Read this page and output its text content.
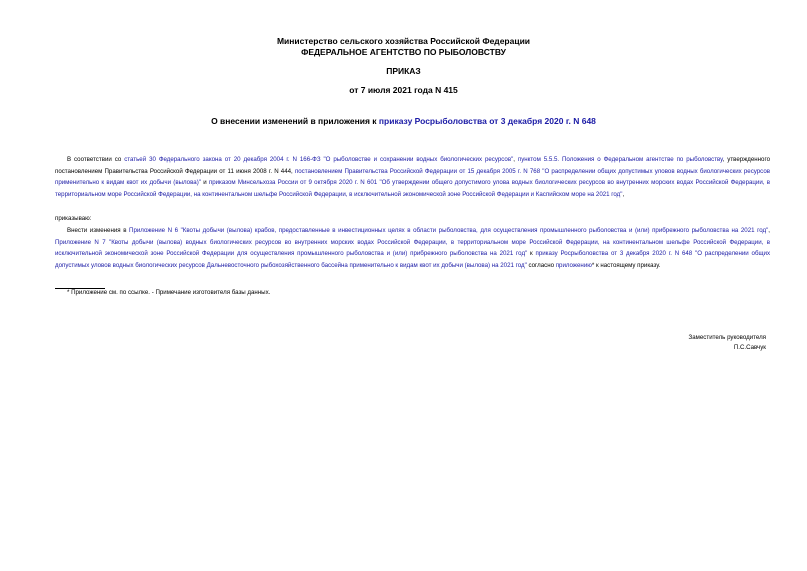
Министерство сельского хозяйства Российской Федерации
ФЕДЕРАЛЬНОЕ АГЕНТСТВО ПО РЫБОЛОВСТВУ
ПРИКАЗ
от 7 июля 2021 года N 415
О внесении изменений в приложения к приказу Росрыболовства от 3 декабря 2020 г. N 648
В соответствии со статьей 30 Федерального закона от 20 декабря 2004 г. N 166-ФЗ "О рыболовстве и сохранении водных биологических ресурсов", пунктом 5.5.5. Положения о Федеральном агентстве по рыболовству, утвержденного постановлением Правительства Российской Федерации от 11 июня 2008 г. N 444, постановлением Правительства Российской Федерации от 15 декабря 2005 г. N 768 "О распределении общих допустимых уловов водных биологических ресурсов применительно к видам квот их добычи (вылова)" и приказом Минсельхоза России от 9 октября 2020 г. N 601 "Об утверждении общего допустимого улова водных биологических ресурсов во внутренних морских водах Российской Федерации, в территориальном море Российской Федерации, на континентальном шельфе Российской Федерации, в исключительной экономической зоне Российской Федерации и Каспийском море на 2021 год",
приказываю:
Внести изменения в Приложение N 6 "Квоты добычи (вылова) крабов, предоставленные в инвестиционных целях в области рыболовства, для осуществления промышленного рыболовства и (или) прибрежного рыболовства на 2021 год", Приложение N 7 "Квоты добычи (вылова) водных биологических ресурсов во внутренних морских водах Российской Федерации, в территориальном море Российской Федерации, на континентальном шельфе Российской Федерации, в исключительной экономической зоне Российской Федерации для осуществления промышленного рыболовства и (или) прибрежного рыболовства на 2021 год" к приказу Росрыболовства от 3 декабря 2020 г. N 648 "О распределении общих допустимых уловов водных биологических ресурсов Дальневосточного рыбохозяйственного бассейна применительно к видам квот их добычи (вылова) на 2021 год" согласно приложению* к настоящему приказу.
* Приложение см. по ссылке. - Примечание изготовителя базы данных.
Заместитель руководителя
П.С.Савчук
